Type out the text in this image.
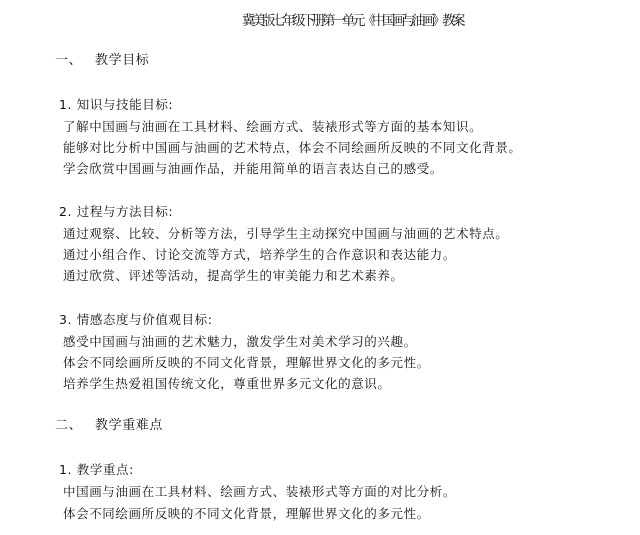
冀美版七年级下册第一单元《中国画与油画》教案
一、 教学目标
1. 知识与技能目标:
了解中国画与油画在工具材料、绘画方式、装裱形式等方面的基本知识。
能够对比分析中国画与油画的艺术特点，体会不同绘画所反映的不同文化背景。
学会欣赏中国画与油画作品，并能用简单的语言表达自己的感受。
2. 过程与方法目标:
通过观察、比较、分析等方法，引导学生主动探究中国画与油画的艺术特点。
通过小组合作、讨论交流等方式，培养学生的合作意识和表达能力。
通过欣赏、评述等活动，提高学生的审美能力和艺术素养。
3. 情感态度与价值观目标:
感受中国画与油画的艺术魅力，激发学生对美术学习的兴趣。
体会不同绘画所反映的不同文化背景，理解世界文化的多元性。
培养学生热爱祖国传统文化，尊重世界多元文化的意识。
二、 教学重难点
1. 教学重点:
中国画与油画在工具材料、绘画方式、装裱形式等方面的对比分析。
体会不同绘画所反映的不同文化背景，理解世界文化的多元性。
